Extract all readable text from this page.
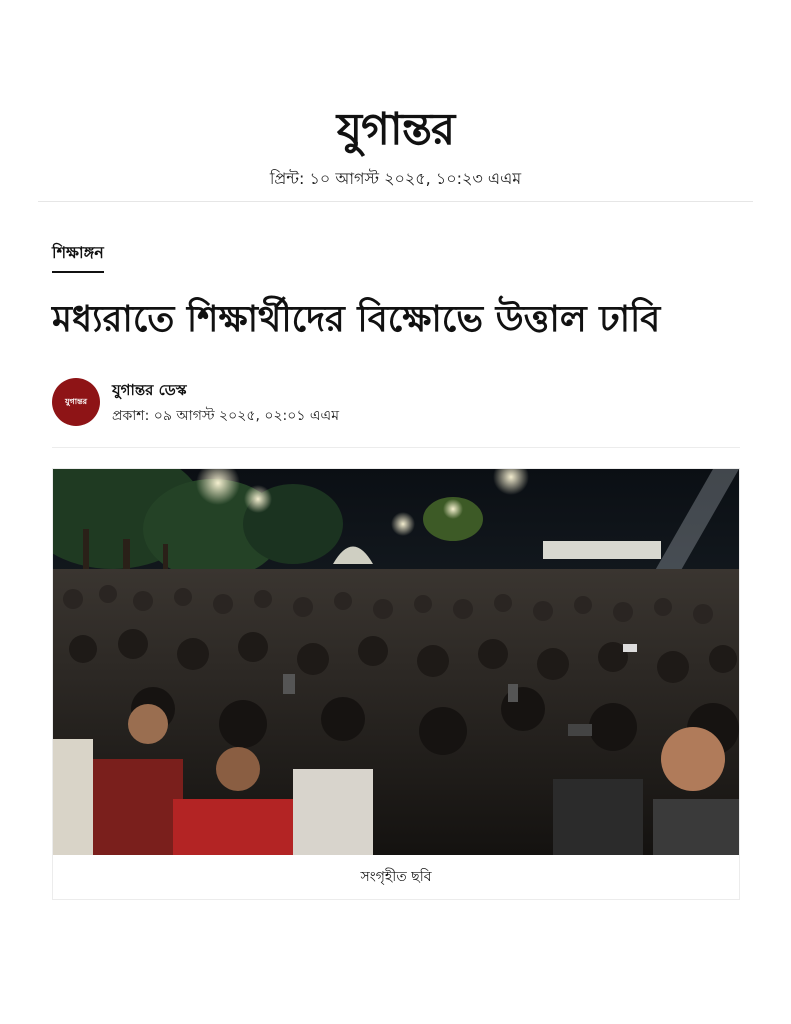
যুগান্তর
প্রিন্ট: ১০ আগস্ট ২০২৫, ১০:২৩ এএম
শিক্ষাঙ্গন
মধ্যরাতে শিক্ষার্থীদের বিক্ষোভে উত্তাল ঢাবি
যুগান্তর
যুগান্তর ডেস্ক
প্রকাশ: ০৯ আগস্ট ২০২৫, ০২:০১ এএম
সংগৃহীত ছবি
